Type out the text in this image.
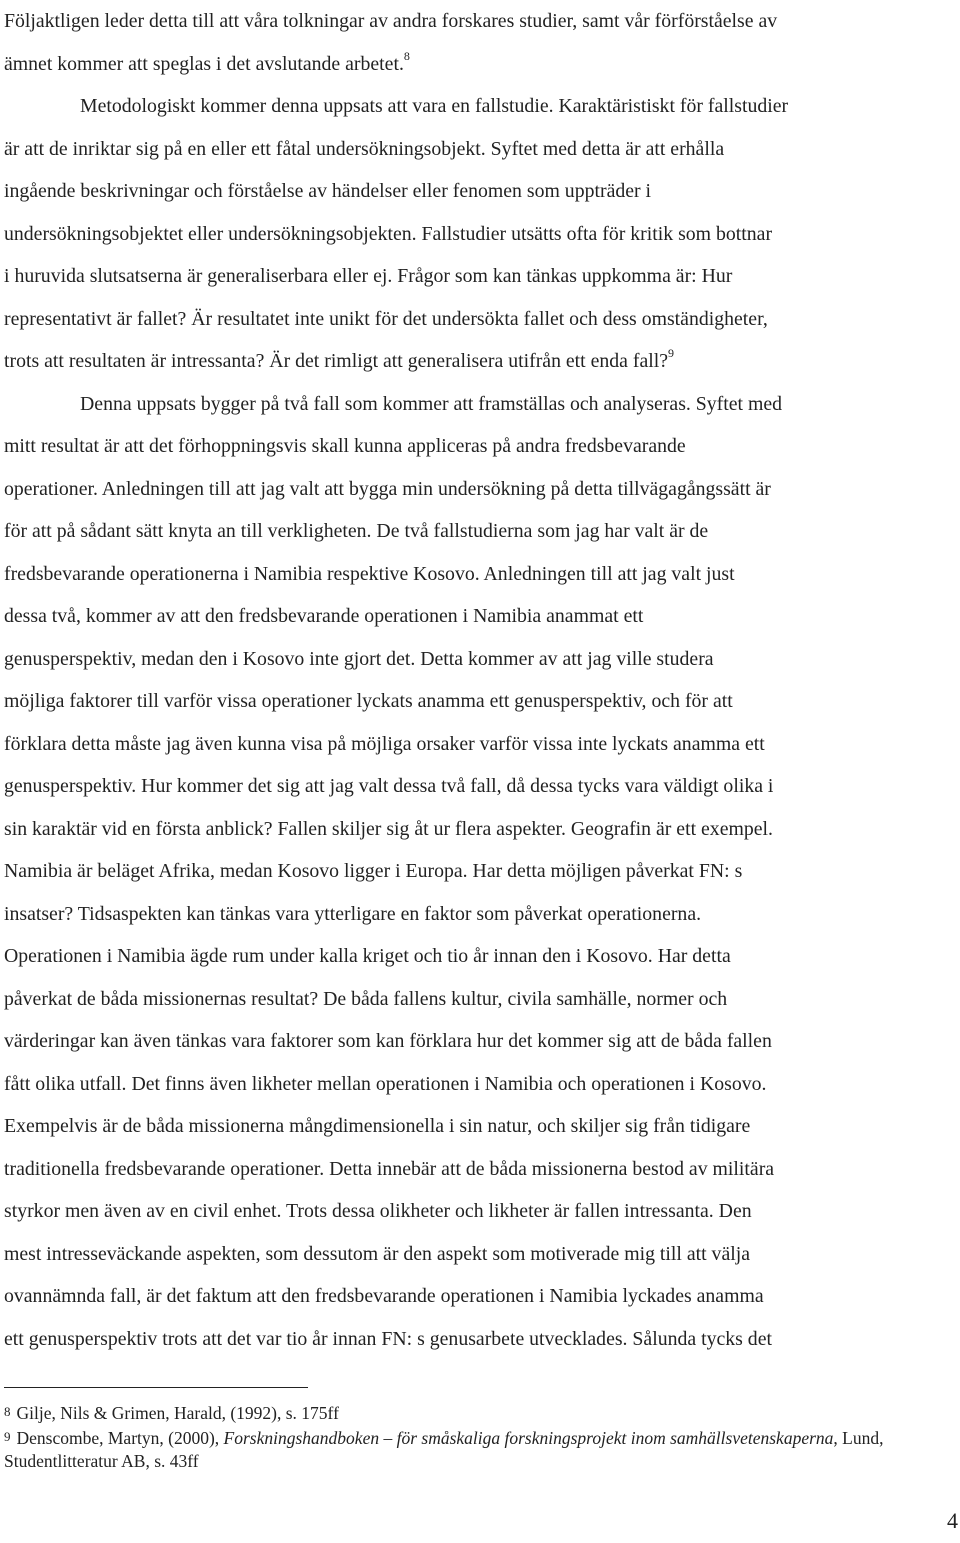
Följaktligen leder detta till att våra tolkningar av andra forskares studier, samt vår förförståelse av
ämnet kommer att speglas i det avslutande arbetet.$^8$
Metodologiskt kommer denna uppsats att vara en fallstudie. Karaktäristiskt för fallstudier
är att de inriktar sig på en eller ett fåtal undersökningsobjekt. Syftet med detta är att erhålla
ingående beskrivningar och förståelse av händelser eller fenomen som uppträder i
undersökningsobjektet eller undersökningsobjekten. Fallstudier utsätts ofta för kritik som bottnar
i huruvida slutsatserna är generaliserbara eller ej. Frågor som kan tänkas uppkomma är: Hur
representativt är fallet? Är resultatet inte unikt för det undersökta fallet och dess omständigheter,
trots att resultaten är intressanta? Är det rimligt att generalisera utifrån ett enda fall?$^9$
Denna uppsats bygger på två fall som kommer att framställas och analyseras. Syftet med
mitt resultat är att det förhoppningsvis skall kunna appliceras på andra fredsbevarande
operationer. Anledningen till att jag valt att bygga min undersökning på detta tillvägagångssätt är
för att på sådant sätt knyta an till verkligheten. De två fallstudierna som jag har valt är de
fredsbevarande operationerna i Namibia respektive Kosovo. Anledningen till att jag valt just
dessa två, kommer av att den fredsbevarande operationen i Namibia anammat ett
genusperspektiv, medan den i Kosovo inte gjort det. Detta kommer av att jag ville studera
möjliga faktorer till varför vissa operationer lyckats anamma ett genusperspektiv, och för att
förklara detta måste jag även kunna visa på möjliga orsaker varför vissa inte lyckats anamma ett
genusperspektiv. Hur kommer det sig att jag valt dessa två fall, då dessa tycks vara väldigt olika i
sin karaktär vid en första anblick? Fallen skiljer sig åt ur flera aspekter. Geografin är ett exempel.
Namibia är beläget Afrika, medan Kosovo ligger i Europa. Har detta möjligen påverkat FN: s
insatser? Tidsaspekten kan tänkas vara ytterligare en faktor som påverkat operationerna.
Operationen i Namibia ägde rum under kalla kriget och tio år innan den i Kosovo. Har detta
påverkat de båda missionernas resultat? De båda fallens kultur, civila samhälle, normer och
värderingar kan även tänkas vara faktorer som kan förklara hur det kommer sig att de båda fallen
fått olika utfall. Det finns även likheter mellan operationen i Namibia och operationen i Kosovo.
Exempelvis är de båda missionerna mångdimensionella i sin natur, och skiljer sig från tidigare
traditionella fredsbevarande operationer. Detta innebär att de båda missionerna bestod av militära
styrkor men även av en civil enhet. Trots dessa olikheter och likheter är fallen intressanta. Den
mest intresseväckande aspekten, som dessutom är den aspekt som motiverade mig till att välja
ovannämnda fall, är det faktum att den fredsbevarande operationen i Namibia lyckades anamma
ett genusperspektiv trots att det var tio år innan FN: s genusarbete utvecklades. Sålunda tycks det
8 Gilje, Nils & Grimen, Harald, (1992), s. 175ff
9 Denscombe, Martyn, (2000), Forskningshandboken – för småskaliga forskningsprojekt inom samhällsvetenskaperna, Lund,
Studentlitteratur AB, s. 43ff
4
